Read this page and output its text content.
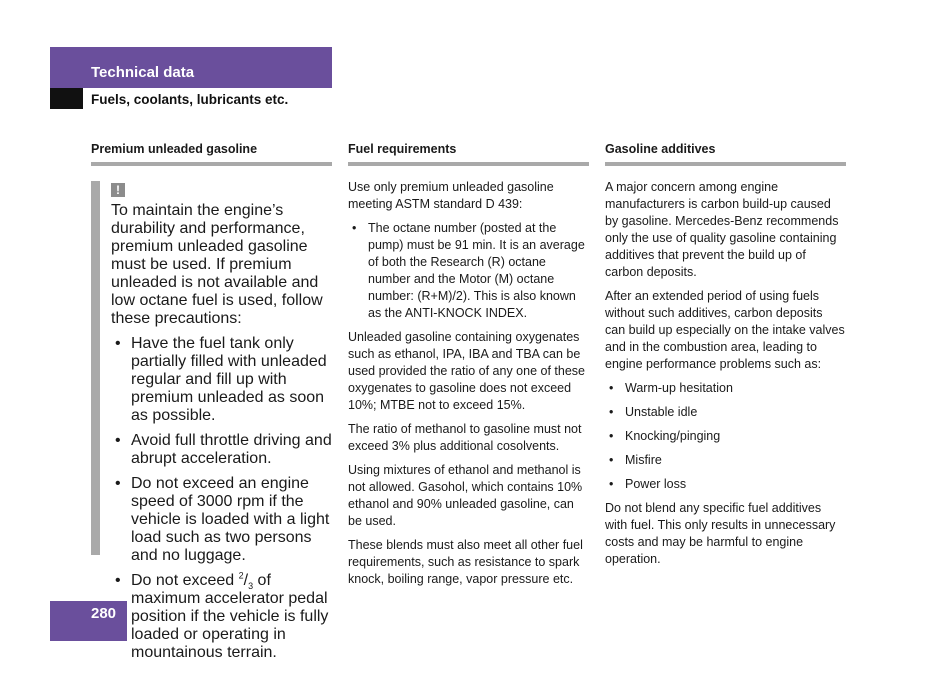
Technical data
Fuels, coolants, lubricants etc.
Premium unleaded gasoline
!

To maintain the engine’s durability and performance, premium unleaded gasoline must be used. If premium unleaded is not available and low octane fuel is used, follow these precautions:

• Have the fuel tank only partially filled with unleaded regular and fill up with premium unleaded as soon as possible.
• Avoid full throttle driving and abrupt acceleration.
• Do not exceed an engine speed of 3000 rpm if the vehicle is loaded with a light load such as two persons and no luggage.
• Do not exceed $^2/_3$ of maximum accelerator pedal position if the vehicle is fully loaded or operating in mountainous terrain.
Fuel requirements

Use only premium unleaded gasoline meeting ASTM standard D 439:

• The octane number (posted at the pump) must be 91 min. It is an average of both the Research (R) octane number and the Motor (M) octane number: (R+M)/2). This is also known as the ANTI-KNOCK INDEX.

Unleaded gasoline containing oxygenates such as ethanol, IPA, IBA and TBA can be used provided the ratio of any one of these oxygenates to gasoline does not exceed 10%; MTBE not to exceed 15%.

The ratio of methanol to gasoline must not exceed 3% plus additional cosolvents.

Using mixtures of ethanol and methanol is not allowed. Gasohol, which contains 10% ethanol and 90% unleaded gasoline, can be used.

These blends must also meet all other fuel requirements, such as resistance to spark knock, boiling range, vapor pressure etc.

Gasoline additives

A major concern among engine manufacturers is carbon build-up caused by gasoline. Mercedes-Benz recommends only the use of quality gasoline containing additives that prevent the build up of carbon deposits.

After an extended period of using fuels without such additives, carbon deposits can build up especially on the intake valves and in the combustion area, leading to engine performance problems such as:

• Warm-up hesitation
• Unstable idle
• Knocking/pinging
• Misfire
• Power loss

Do not blend any specific fuel additives with fuel. This only results in unnecessary costs and may be harmful to engine operation.

280
